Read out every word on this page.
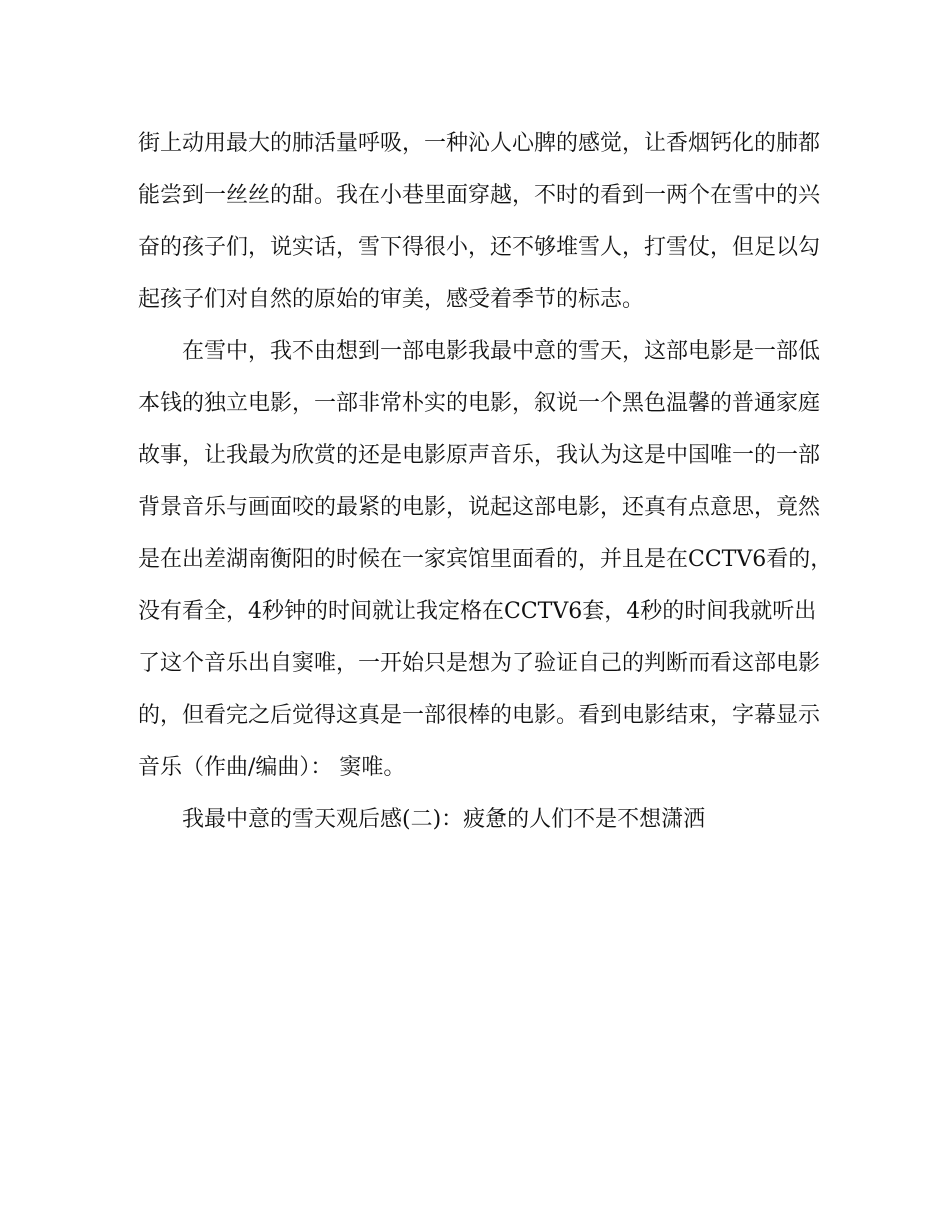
街上动用最大的肺活量呼吸，一种沁人心脾的感觉，让香烟钙化的肺都
能尝到一丝丝的甜。我在小巷里面穿越，不时的看到一两个在雪中的兴
奋的孩子们，说实话，雪下得很小，还不够堆雪人，打雪仗，但足以勾
起孩子们对自然的原始的审美，感受着季节的标志。
在雪中，我不由想到一部电影我最中意的雪天，这部电影是一部低
本钱的独立电影，一部非常朴实的电影，叙说一个黑色温馨的普通家庭
故事，让我最为欣赏的还是电影原声音乐，我认为这是中国唯一的一部
背景音乐与画面咬的最紧的电影，说起这部电影，还真有点意思，竟然
是在出差湖南衡阳的时候在一家宾馆里面看的，并且是在CCTV6看的，
没有看全，4秒钟的时间就让我定格在CCTV6套，4秒的时间我就听出
了这个音乐出自窦唯，一开始只是想为了验证自己的判断而看这部电影
的，但看完之后觉得这真是一部很棒的电影。看到电影结束，字幕显示
音乐（作曲/编曲）： 窦唯。
我最中意的雪天观后感(二)：疲惫的人们不是不想潇洒
